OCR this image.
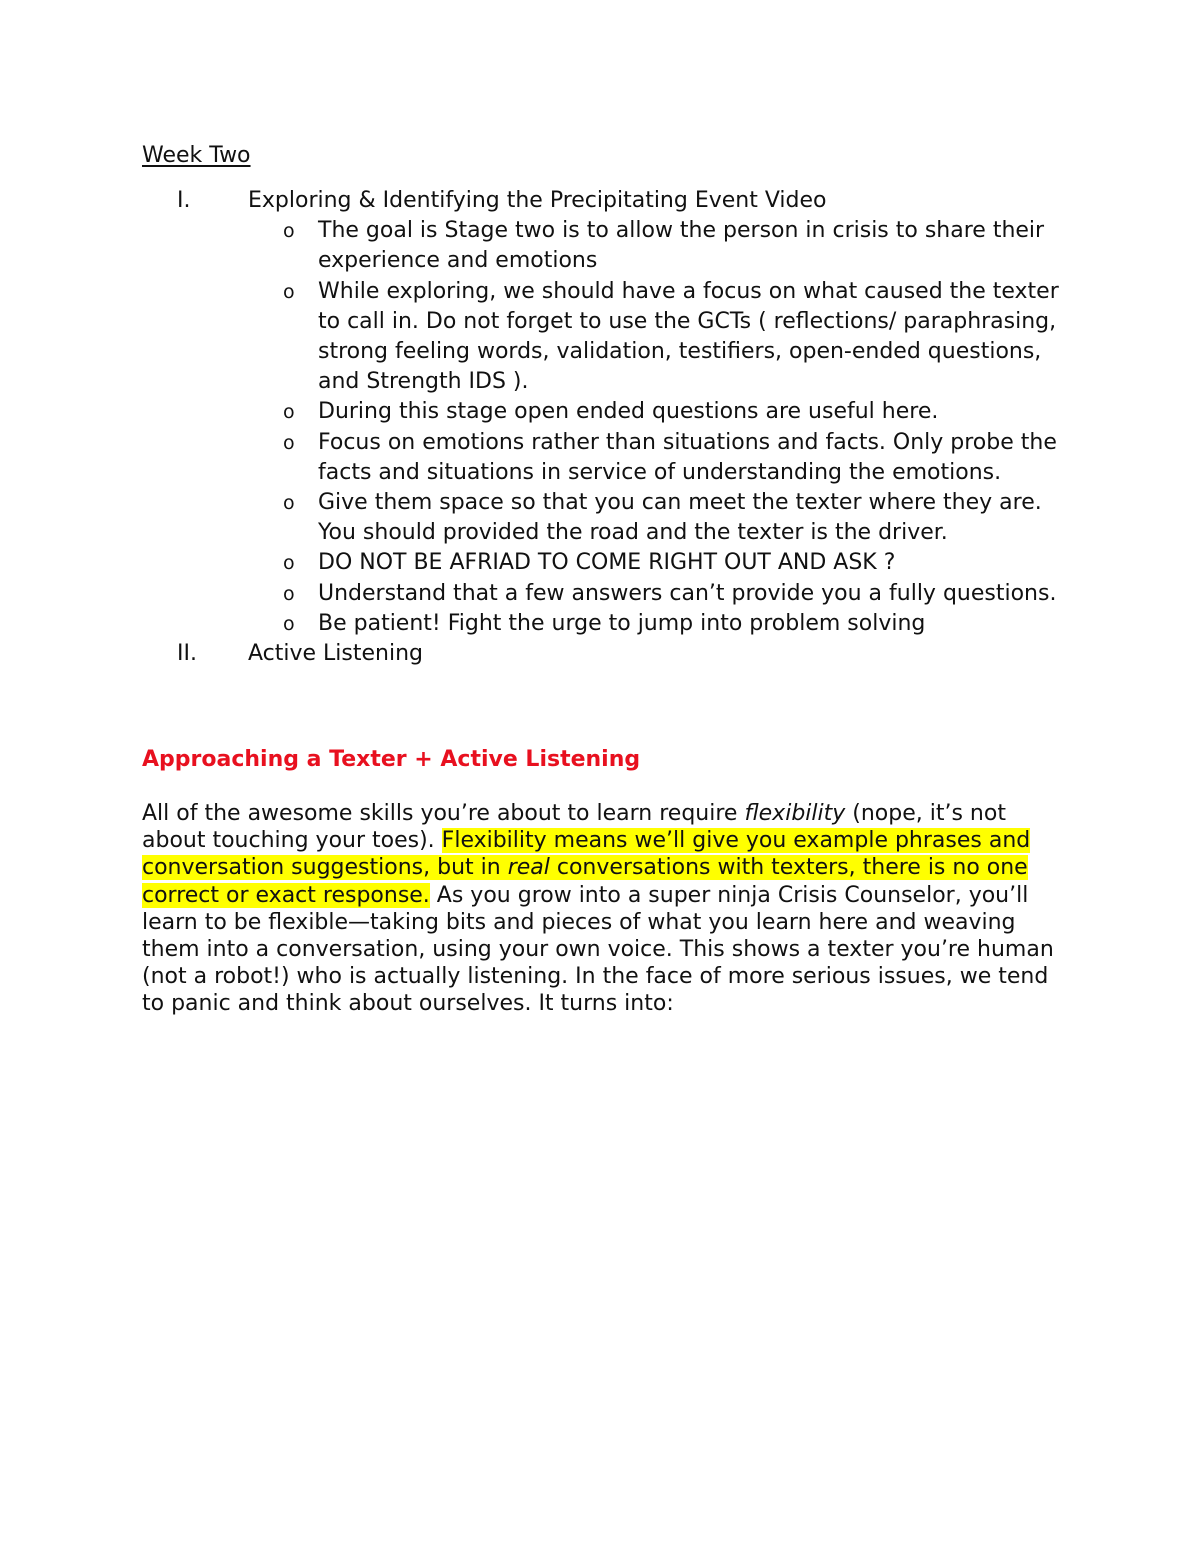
Week Two
I.	Exploring & Identifying the Precipitating Event Video
o The goal is Stage two is to allow the person in crisis to share their experience and emotions
o While exploring, we should have a focus on what caused the texter to call in. Do not forget to use the GCTs ( reflections/ paraphrasing, strong feeling words, validation, testifiers, open-ended questions, and Strength IDS ).
o During this stage open ended questions are useful here.
o Focus on emotions rather than situations and facts. Only probe the facts and situations in service of understanding the emotions.
o Give them space so that you can meet the texter where they are. You should provided the road and the texter is the driver.
o DO NOT BE AFRIAD TO COME RIGHT OUT AND ASK ?
o Understand that a few answers can’t provide you a fully questions.
o Be patient! Fight the urge to jump into problem solving
II. Active Listening
Approaching a Texter + Active Listening

All of the awesome skills you’re about to learn require flexibility (nope, it’s not about touching your toes). Flexibility means we’ll give you example phrases and conversation suggestions, but in real conversations with texters, there is no one correct or exact response. As you grow into a super ninja Crisis Counselor, you’ll learn to be flexible—taking bits and pieces of what you learn here and weaving them into a conversation, using your own voice. This shows a texter you’re human (not a robot!) who is actually listening. In the face of more serious issues, we tend to panic and think about ourselves. It turns into:
